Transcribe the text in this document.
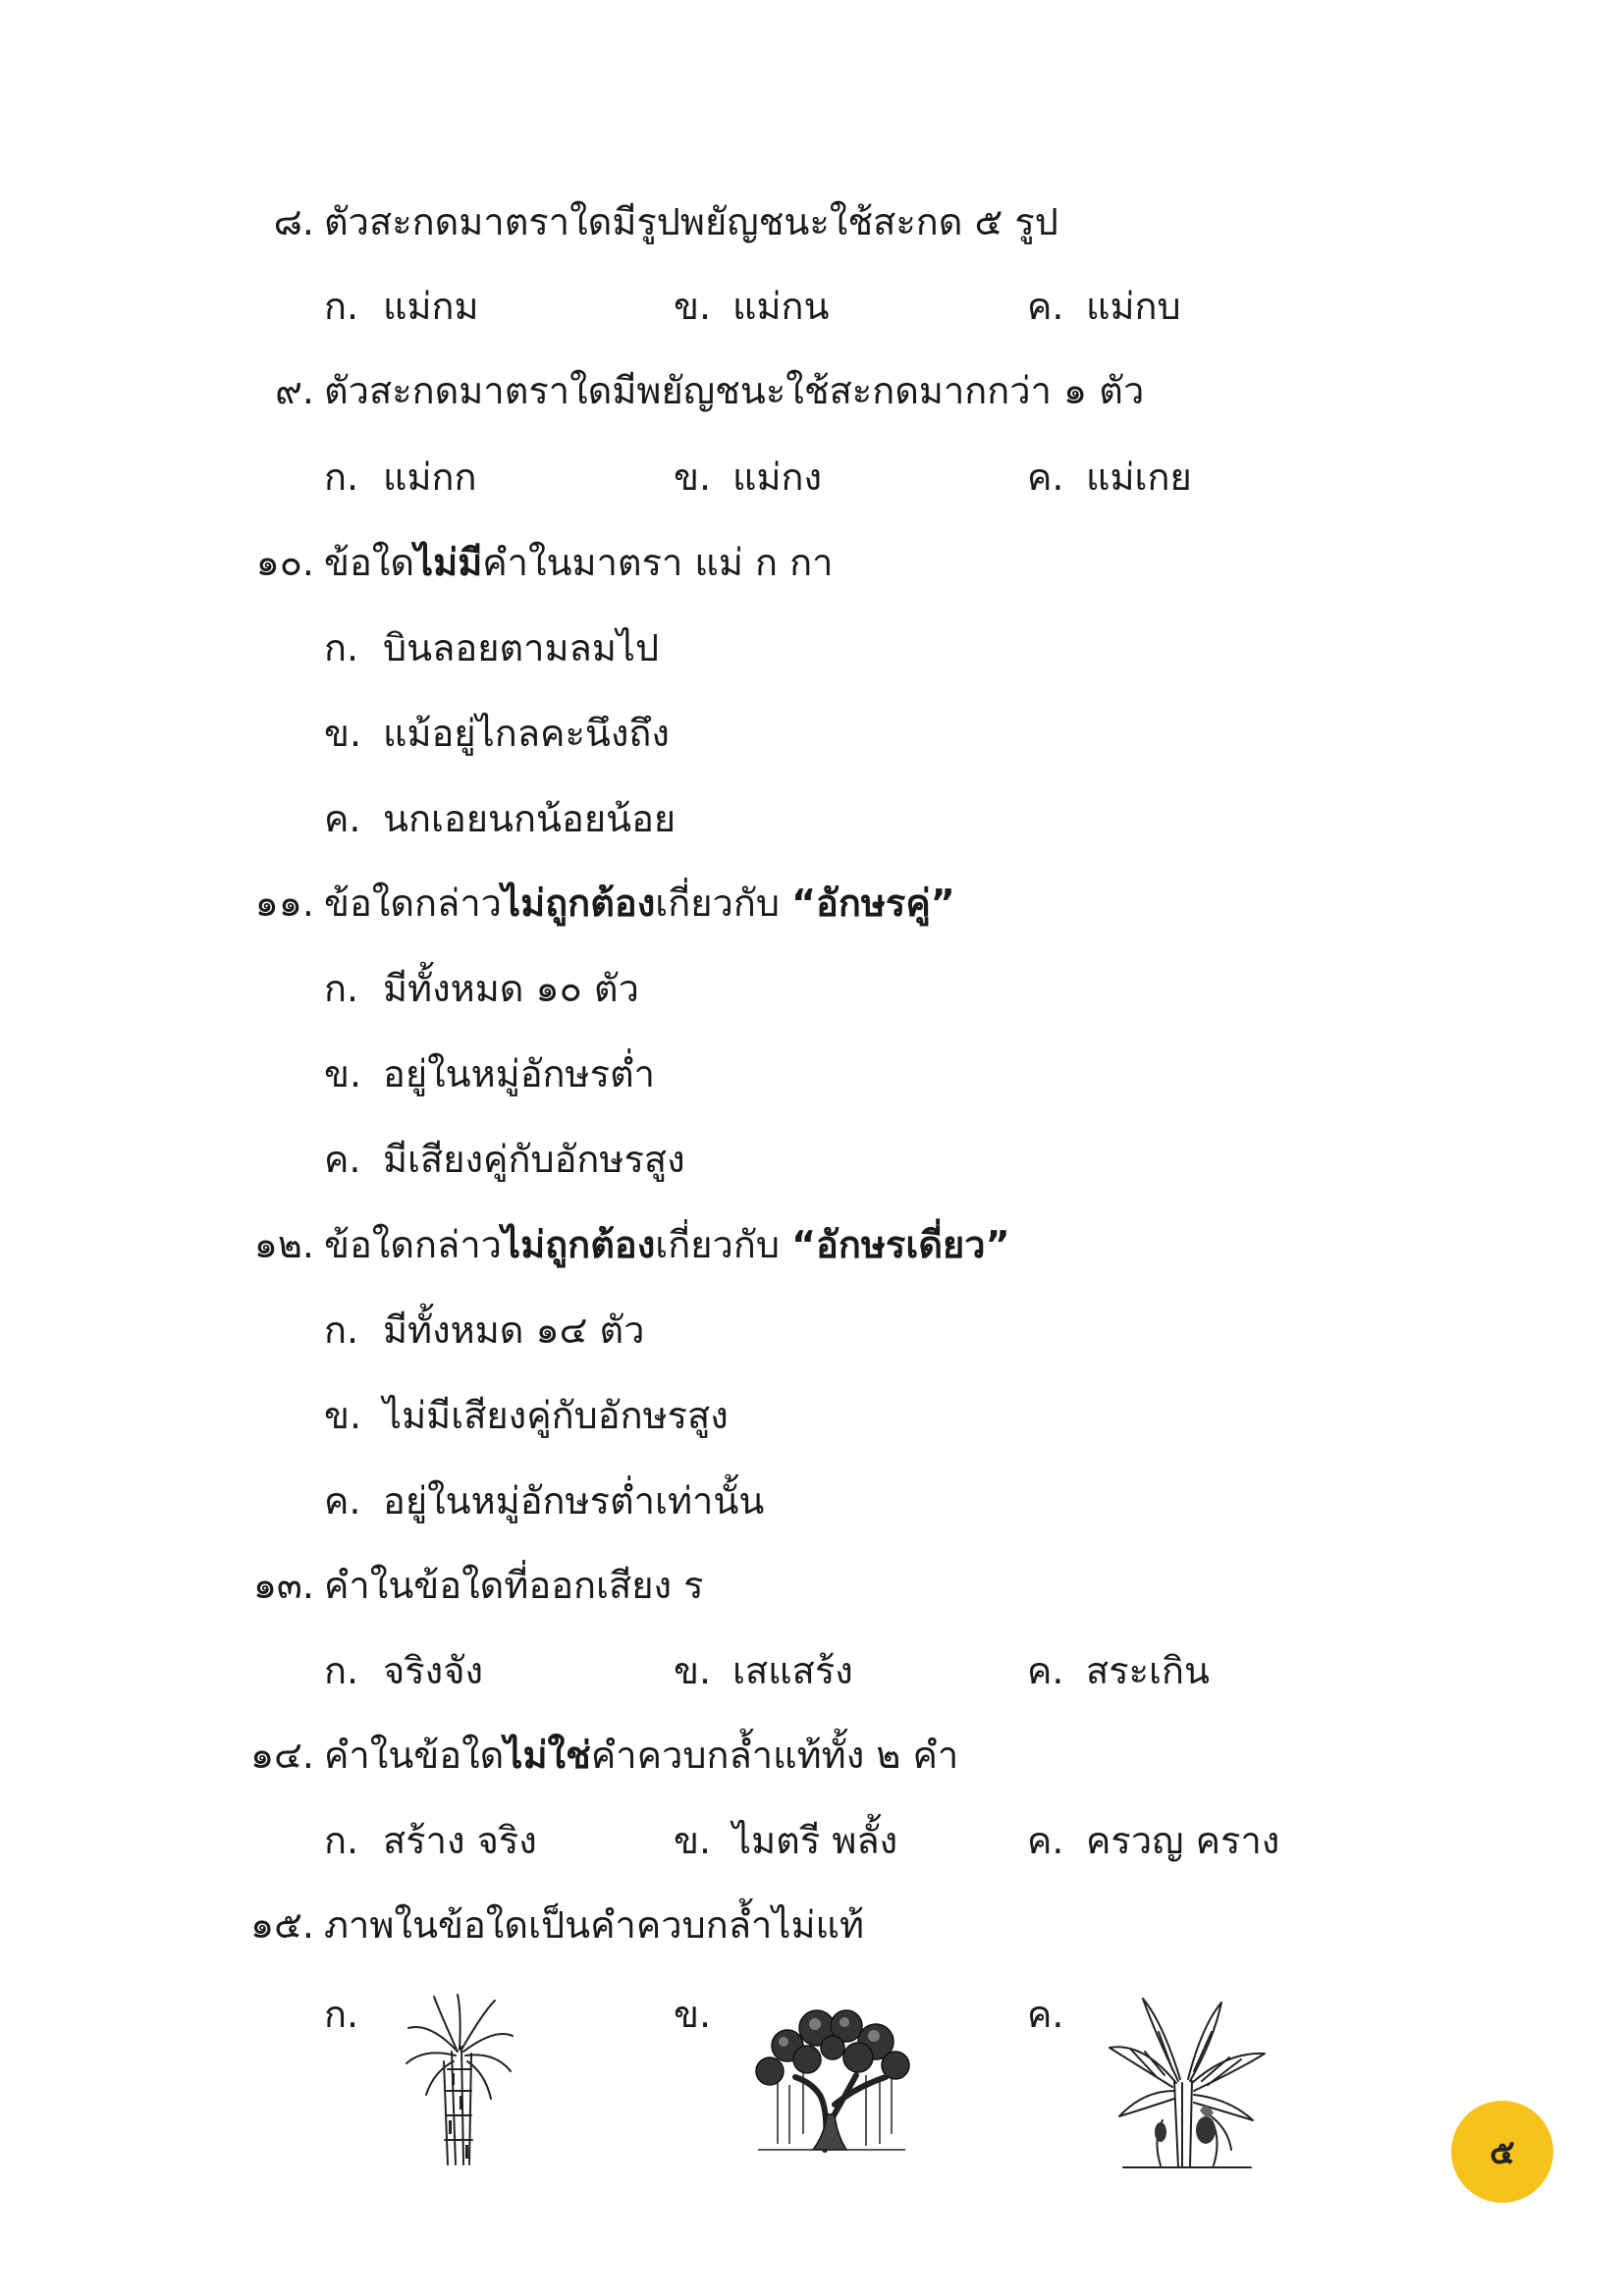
๘. ตัวสะกดมาตราใดมีรูปพยัญชนะใช้สะกด ๕ รูป
ก. แม่กม	ข. แม่กน	ค. แม่กบ
๙. ตัวสะกดมาตราใดมีพยัญชนะใช้สะกดมากกว่า ๑ ตัว
ก. แม่กก	ข. แม่กง	ค. แม่เกย
๑๐. ข้อใดไม่มีคำในมาตรา แม่ ก กา
ก. บินลอยตามลมไป
ข. แม้อยู่ไกลคะนึงถึง
ค. นกเอยนกน้อยน้อย
๑๑. ข้อใดกล่าวไม่ถูกต้องเกี่ยวกับ “อักษรคู่”
ก. มีทั้งหมด ๑๐ ตัว
ข. อยู่ในหมู่อักษรต่ำ
ค. มีเสียงคู่กับอักษรสูง
๑๒. ข้อใดกล่าวไม่ถูกต้องเกี่ยวกับ “อักษรเดี่ยว”
ก. มีทั้งหมด ๑๔ ตัว
ข. ไม่มีเสียงคู่กับอักษรสูง
ค. อยู่ในหมู่อักษรต่ำเท่านั้น
๑๓. คำในข้อใดที่ออกเสียง ร
ก. จริงจัง	ข. เสแสร้ง	ค. สระเกิน
๑๔. คำในข้อใดไม่ใช่คำควบกล้ำแท้ทั้ง ๒ คำ
ก. สร้าง จริง	ข. ไมตรี พลั้ง	ค. ครวญ คราง
๑๕. ภาพในข้อใดเป็นคำควบกล้ำไม่แท้
ก.	ข.	ค.
๕
